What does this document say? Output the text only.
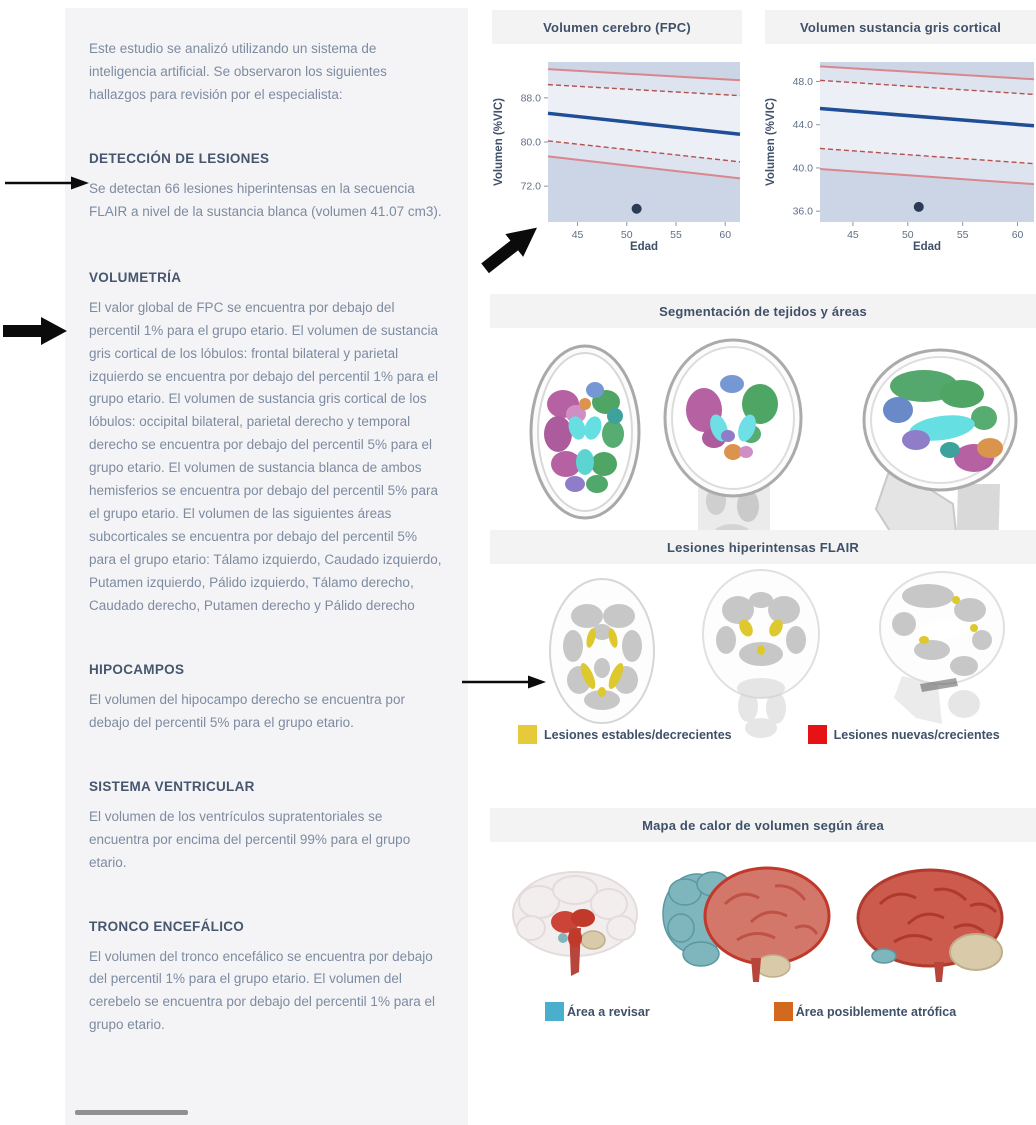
Este estudio se analizó utilizando un sistema de inteligencia artificial. Se observaron los siguientes hallazgos para revisión por el especialista:

DETECCIÓN DE LESIONES

Se detectan 66 lesiones hiperintensas en la secuencia FLAIR a nivel de la sustancia blanca (volumen 41.07 cm3).

VOLUMETRÍA

El valor global de FPC se encuentra por debajo del percentil 1% para el grupo etario. El volumen de sustancia gris cortical de los lóbulos: frontal bilateral y parietal izquierdo se encuentra por debajo del percentil 1% para el grupo etario. El volumen de sustancia gris cortical de los lóbulos: occipital bilateral, parietal derecho y temporal derecho se encuentra por debajo del percentil 5% para el grupo etario. El volumen de sustancia blanca de ambos hemisferios se encuentra por debajo del percentil 5% para el grupo etario. El volumen de las siguientes áreas subcorticales se encuentra por debajo del percentil 5% para el grupo etario: Tálamo izquierdo, Caudado izquierdo, Putamen izquierdo, Pálido izquierdo, Tálamo derecho, Caudado derecho, Putamen derecho y Pálido derecho

HIPOCAMPOS

El volumen del hipocampo derecho se encuentra por debajo del percentil 5% para el grupo etario.

SISTEMA VENTRICULAR

El volumen de los ventrículos supratentoriales se encuentra por encima del percentil 99% para el grupo etario.

TRONCO ENCEFÁLICO

El volumen del tronco encefálico se encuentra por debajo del percentil 1% para el grupo etario. El volumen del cerebelo se encuentra por debajo del percentil 1% para el grupo etario.

Volumen cerebro (FPC)	Volumen sustancia gris cortical
88.0
80.0
72.0
45	50	55	60
Edad
Volumen (%VIC)
48.0
44.0
40.0
36.0
45	50	55	60
Edad
Volumen (%VIC)
Segmentación de tejidos y áreas
Lesiones hiperintensas FLAIR
Lesiones estables/decrecientes	Lesiones nuevas/crecientes
Mapa de calor de volumen según área
Área a revisar	Área posiblemente atrófica
